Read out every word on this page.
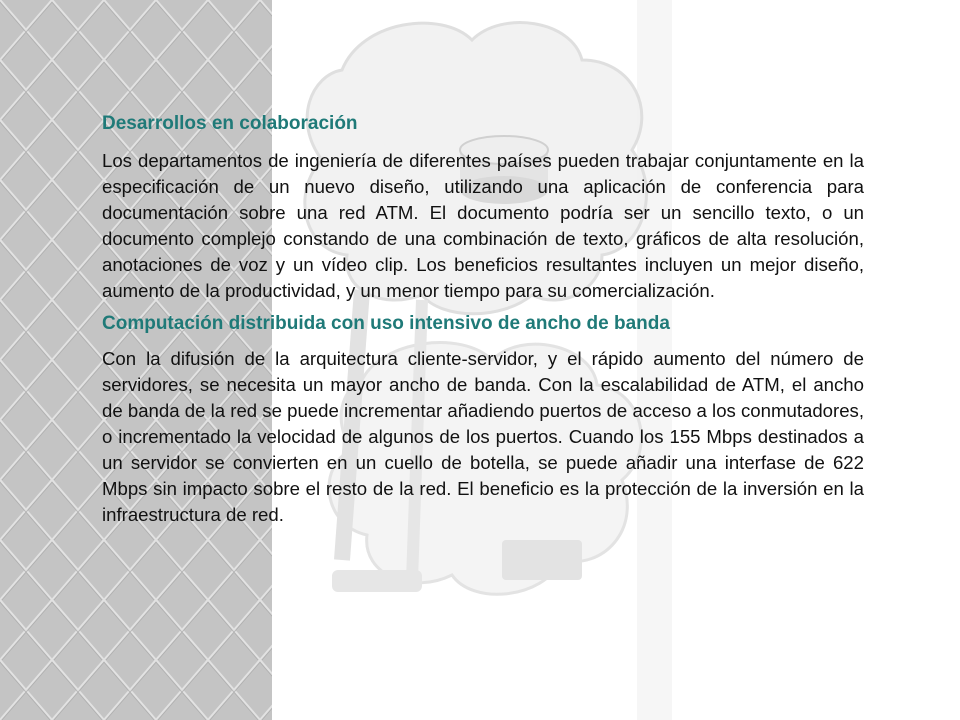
Desarrollos en colaboración

Los departamentos de ingeniería de diferentes países pueden trabajar conjuntamente en la especificación de un nuevo diseño, utilizando una aplicación de conferencia para documentación sobre una red ATM. El documento podría ser un sencillo texto, o un documento complejo constando de una combinación de texto, gráficos de alta resolución, anotaciones de voz y un vídeo clip. Los beneficios resultantes incluyen un mejor diseño, aumento de la productividad, y un menor tiempo para su comercialización.

Computación distribuida con uso intensivo de ancho de banda

Con la difusión de la arquitectura cliente-servidor, y el rápido aumento del número de servidores, se necesita un mayor ancho de banda. Con la escalabilidad de ATM, el ancho de banda de la red se puede incrementar añadiendo puertos de acceso a los conmutadores, o incrementado la velocidad de algunos de los puertos. Cuando los 155 Mbps destinados a un servidor se convierten en un cuello de botella, se puede añadir una interfase de 622 Mbps sin impacto sobre el resto de la red. El beneficio es la protección de la inversión en la infraestructura de red.
